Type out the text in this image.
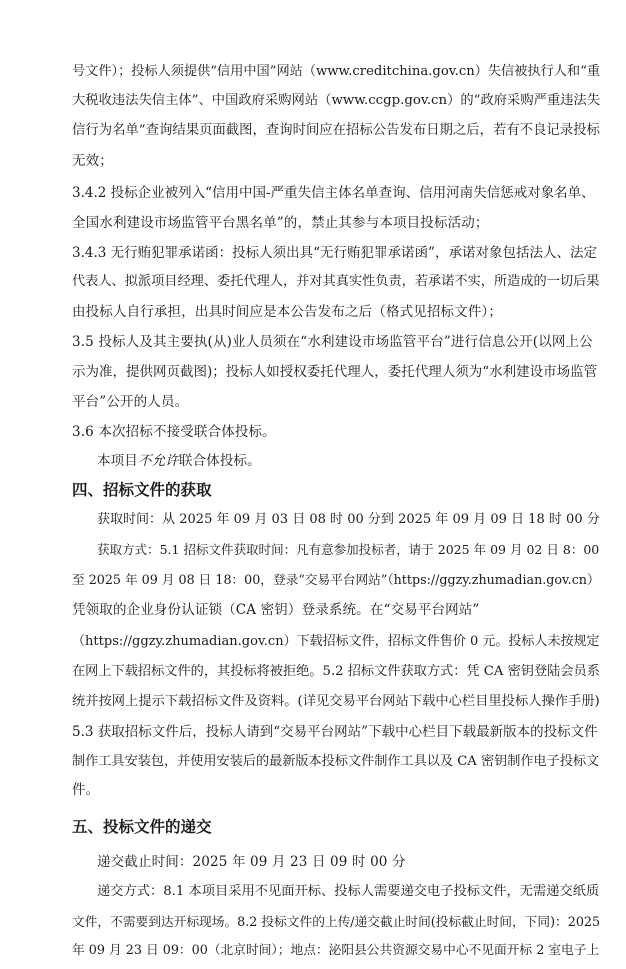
号文件）；投标人须提供“信用中国”网站（www.creditchina.gov.cn）失信被执行人和“重
大税收违法失信主体”、中国政府采购网站（www.ccgp.gov.cn）的“政府采购严重违法失
信行为名单”查询结果页面截图，查询时间应在招标公告发布日期之后，若有不良记录投标
无效；
3.4.2 投标企业被列入“信用中国-严重失信主体名单查询、信用河南失信惩戒对象名单、
全国水利建设市场监管平台黑名单”的，禁止其参与本项目投标活动；
3.4.3 无行贿犯罪承诺函：投标人须出具“无行贿犯罪承诺函”，承诺对象包括法人、法定
代表人、拟派项目经理、委托代理人，并对其真实性负责，若承诺不实，所造成的一切后果
由投标人自行承担，出具时间应是本公告发布之后（格式见招标文件）；
3.5 投标人及其主要执(从)业人员须在“水利建设市场监管平台”进行信息公开(以网上公
示为准，提供网页截图)；投标人如授权委托代理人，委托代理人须为“水利建设市场监管
平台”公开的人员。
3.6 本次招标不接受联合体投标。
本项目不允许联合体投标。
四、招标文件的获取
获取时间：从 2025 年 09 月 03 日 08 时 00 分到 2025 年 09 月 09 日 18 时 00 分
获取方式：5.1 招标文件获取时间：凡有意参加投标者，请于 2025 年 09 月 02 日 8：00
至 2025 年 09 月 08 日 18：00，登录“交易平台网站”（https://ggzy.zhumadian.gov.cn）
凭领取的企业身份认证锁（CA 密钥）登录系统。在“交易平台网站”
（https://ggzy.zhumadian.gov.cn）下载招标文件，招标文件售价 0 元。投标人未按规定
在网上下载招标文件的，其投标将被拒绝。5.2 招标文件获取方式：凭 CA 密钥登陆会员系
统并按网上提示下载招标文件及资料。(详见交易平台网站下载中心栏目里投标人操作手册)
5.3 获取招标文件后，投标人请到“交易平台网站”下载中心栏目下载最新版本的投标文件
制作工具安装包，并使用安装后的最新版本投标文件制作工具以及 CA 密钥制作电子投标文
件。
五、投标文件的递交
递交截止时间：2025 年 09 月 23 日 09 时 00 分
递交方式：8.1 本项目采用不见面开标、投标人需要递交电子投标文件，无需递交纸质
文件，不需要到达开标现场。8.2 投标文件的上传/递交截止时间(投标截止时间，下同)：2025
年 09 月 23 日 09：00（北京时间）；地点：泌阳县公共资源交易中心不见面开标 2 室电子上
